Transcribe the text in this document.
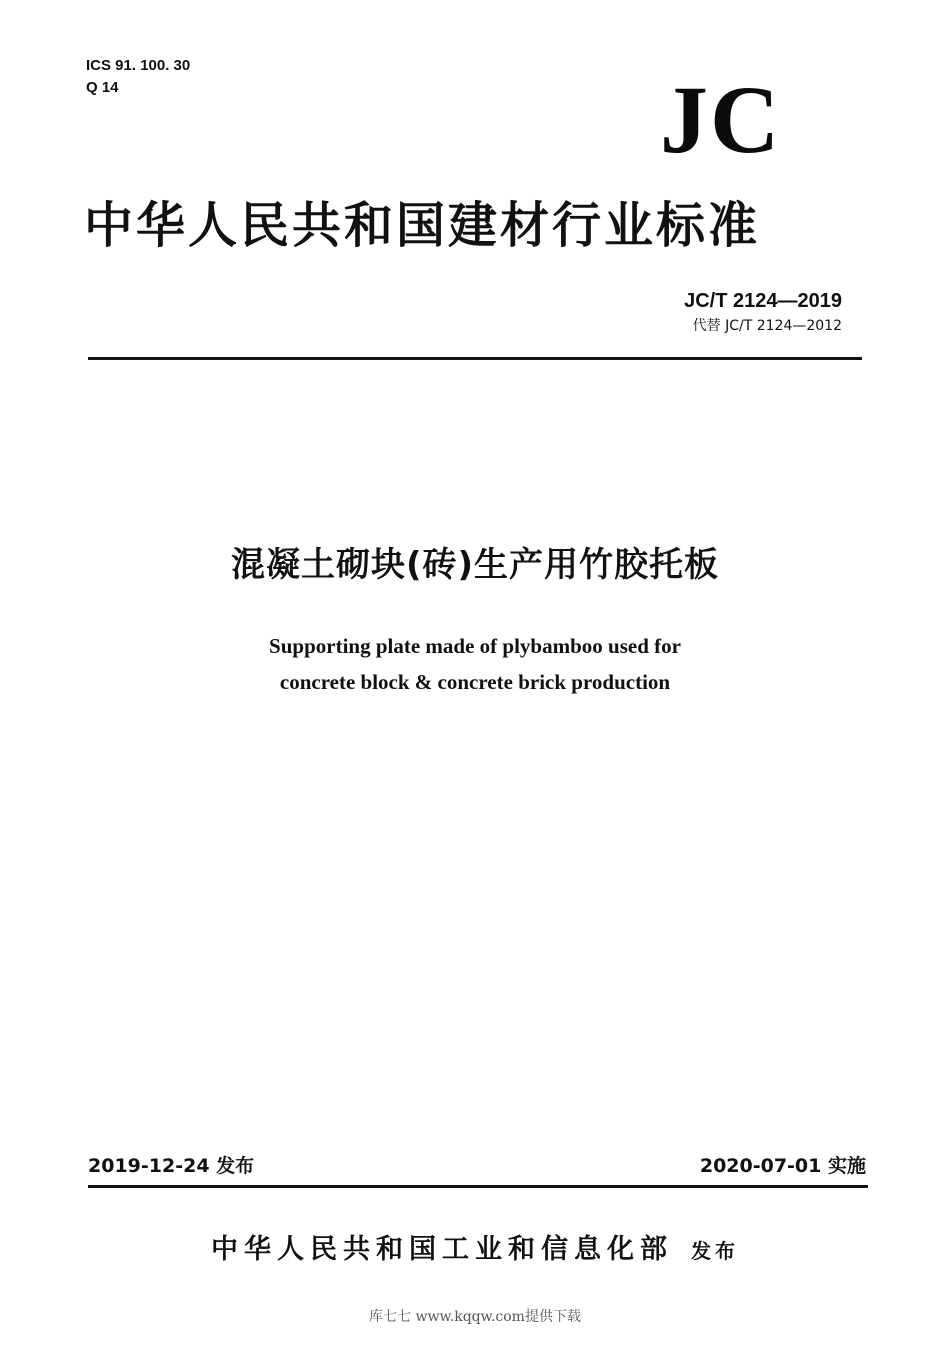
ICS 91. 100. 30
Q 14	JC
中华人民共和国建材行业标准
JC/T 2124—2019
代替 JC/T 2124—2012
混凝土砌块(砖)生产用竹胶托板
Supporting plate made of plybamboo used for
concrete block & concrete brick production
2019-12-24 发布	2020-07-01 实施
中华人民共和国工业和信息化部 发布
库七七 www.kqqw.com提供下载
